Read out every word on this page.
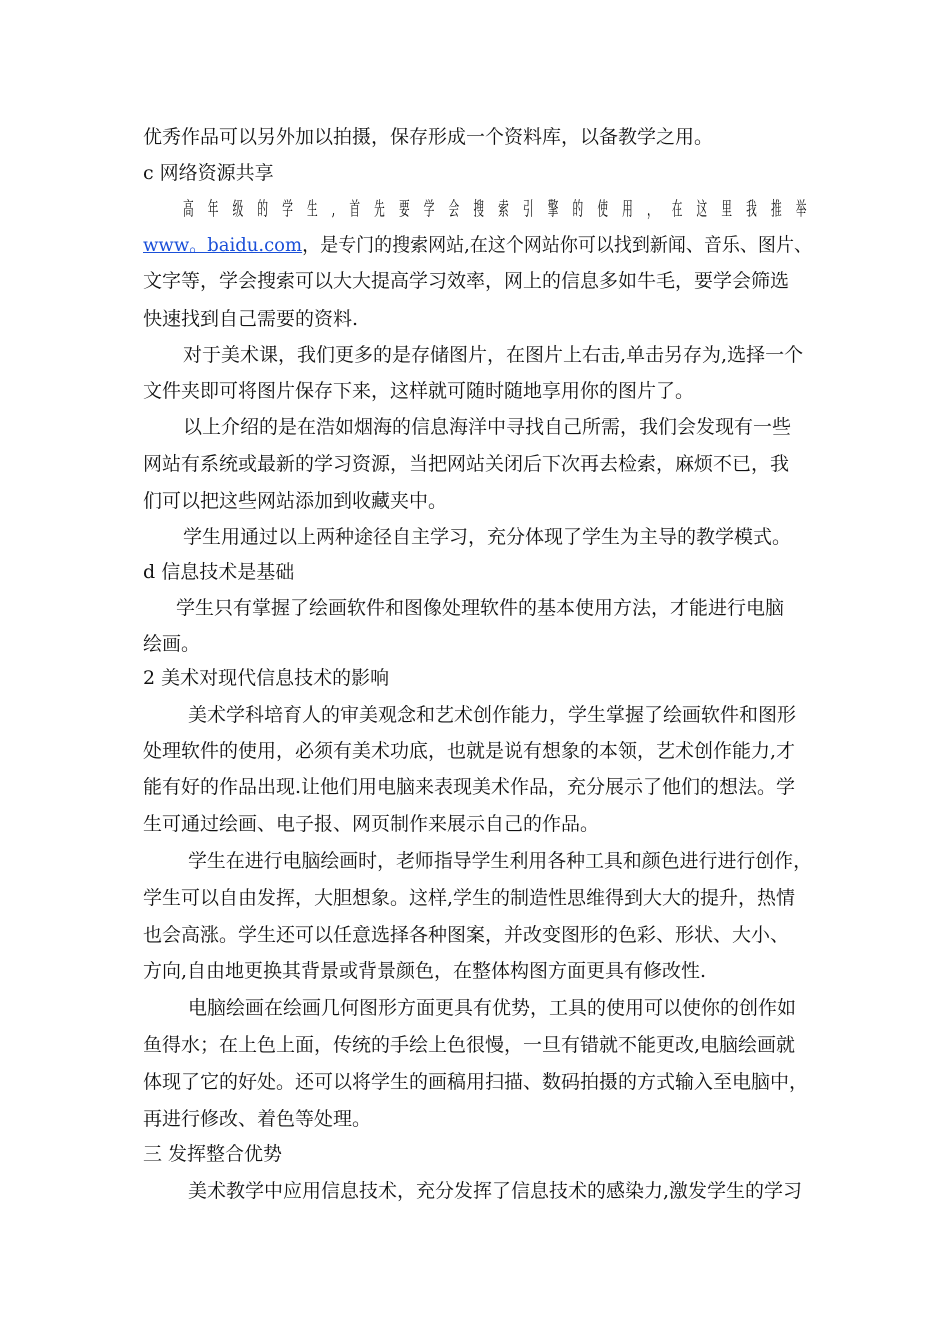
优秀作品可以另外加以拍摄，保存形成一个资料库，以备教学之用。
c 网络资源共享
高 年 级 的 学 生 , 首 先 要 学 会 搜 索 引 擎 的 使 用 ， 在 这 里 我 推 举
www。baidu.com，是专门的搜索网站,在这个网站你可以找到新闻、音乐、图片、
文字等，学会搜索可以大大提高学习效率，网上的信息多如牛毛，要学会筛选
快速找到自己需要的资料.
对于美术课，我们更多的是存储图片，在图片上右击,单击另存为,选择一个
文件夹即可将图片保存下来，这样就可随时随地享用你的图片了。
以上介绍的是在浩如烟海的信息海洋中寻找自己所需，我们会发现有一些
网站有系统或最新的学习资源，当把网站关闭后下次再去检索，麻烦不已，我
们可以把这些网站添加到收藏夹中。
学生用通过以上两种途径自主学习，充分体现了学生为主导的教学模式。
d 信息技术是基础
学生只有掌握了绘画软件和图像处理软件的基本使用方法，才能进行电脑
绘画。
2 美术对现代信息技术的影响
美术学科培育人的审美观念和艺术创作能力，学生掌握了绘画软件和图形
处理软件的使用，必须有美术功底，也就是说有想象的本领，艺术创作能力,才
能有好的作品出现.让他们用电脑来表现美术作品，充分展示了他们的想法。学
生可通过绘画、电子报、网页制作来展示自己的作品。
学生在进行电脑绘画时，老师指导学生利用各种工具和颜色进行进行创作，
学生可以自由发挥，大胆想象。这样,学生的制造性思维得到大大的提升，热情
也会高涨。学生还可以任意选择各种图案，并改变图形的色彩、形状、大小、
方向,自由地更换其背景或背景颜色，在整体构图方面更具有修改性.
电脑绘画在绘画几何图形方面更具有优势，工具的使用可以使你的创作如
鱼得水；在上色上面，传统的手绘上色很慢，一旦有错就不能更改,电脑绘画就
体现了它的好处。还可以将学生的画稿用扫描、数码拍摄的方式输入至电脑中，
再进行修改、着色等处理。
三 发挥整合优势
美术教学中应用信息技术，充分发挥了信息技术的感染力,激发学生的学习
